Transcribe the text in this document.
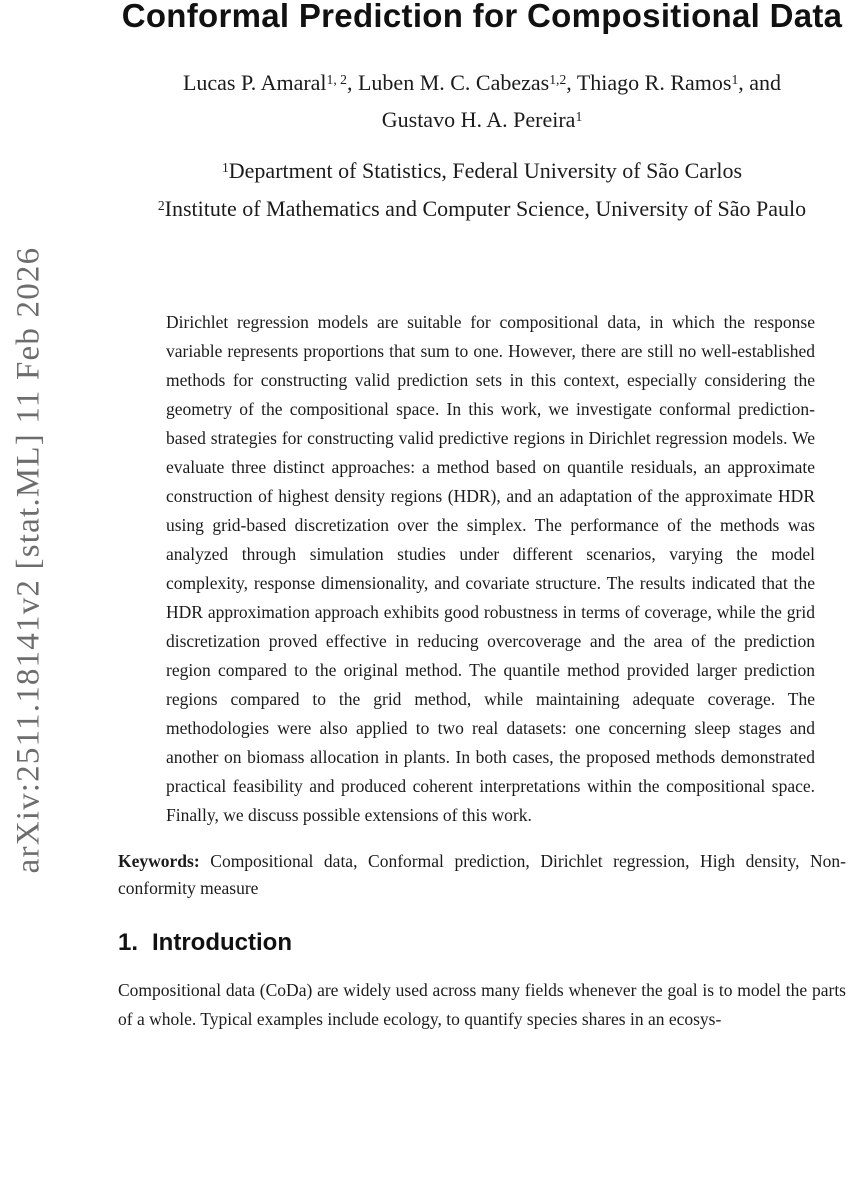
arXiv:2511.18141v2 [stat.ML] 11 Feb 2026
Conformal Prediction for Compositional Data
Lucas P. Amaral$^{1, 2}$, Luben M. C. Cabezas$^{1,2}$, Thiago R. Ramos$^1$, and Gustavo H. A. Pereira$^1$
$^1$Department of Statistics, Federal University of São Carlos
$^2$Institute of Mathematics and Computer Science, University of São Paulo

Dirichlet regression models are suitable for compositional data, in which the response variable represents proportions that sum to one. However, there are still no well-established methods for constructing valid prediction sets in this context, especially considering the geometry of the compositional space. In this work, we investigate conformal prediction-based strategies for constructing valid predictive regions in Dirichlet regression models. We evaluate three distinct approaches: a method based on quantile residuals, an approximate construction of highest density regions (HDR), and an adaptation of the approximate HDR using grid-based discretization over the simplex. The performance of the methods was analyzed through simulation studies under different scenarios, varying the model complexity, response dimensionality, and covariate structure. The results indicated that the HDR approximation approach exhibits good robustness in terms of coverage, while the grid discretization proved effective in reducing overcoverage and the area of the prediction region compared to the original method. The quantile method provided larger prediction regions compared to the grid method, while maintaining adequate coverage. The methodologies were also applied to two real datasets: one concerning sleep stages and another on biomass allocation in plants. In both cases, the proposed methods demonstrated practical feasibility and produced coherent interpretations within the compositional space. Finally, we discuss possible extensions of this work.

Keywords: Compositional data, Conformal prediction, Dirichlet regression, High density, Non-conformity measure

1. Introduction

Compositional data (CoDa) are widely used across many fields whenever the goal is to model the parts of a whole. Typical examples include ecology, to quantify species shares in an ecosys-
